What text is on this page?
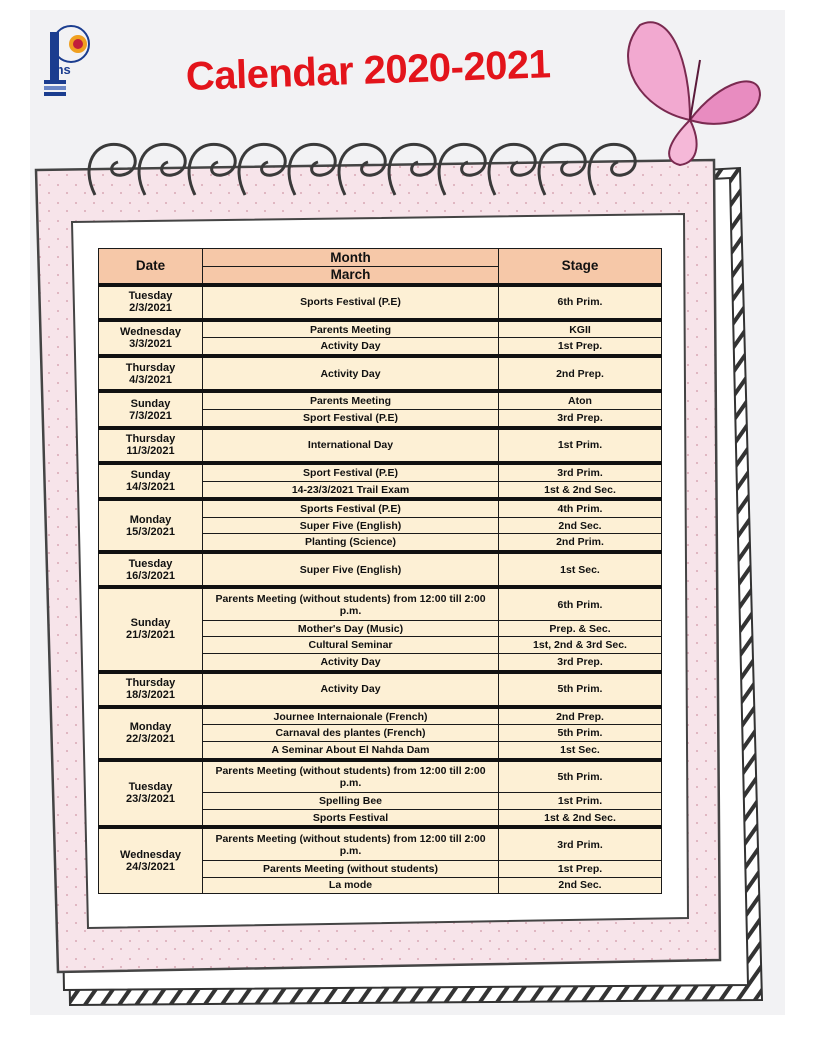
ms	Calendar 2020-2021
Date	Month	Stage
	March	

Tuesday
2/3/2021	Sports Festival (P.E)	6th Prim.

Wednesday
3/3/2021	Parents Meeting	KGII
	Activity Day	1st Prep.

Thursday
4/3/2021	Activity Day	2nd Prep.

Sunday
7/3/2021	Parents Meeting	Aton
	Sport Festival (P.E)	3rd Prep.

Thursday
11/3/2021	International Day	1st Prim.

Sunday
14/3/2021	Sport Festival (P.E)	3rd Prim.
	14-23/3/2021 Trail Exam	1st & 2nd Sec.

Monday
15/3/2021	Sports Festival (P.E)	4th Prim.
	Super Five (English)	2nd Sec.
	Planting (Science)	2nd Prim.

Tuesday
16/3/2021	Super Five (English)	1st Sec.

Sunday
21/3/2021	Parents Meeting (without students) from 12:00 till 2:00 p.m.	6th Prim.
	Mother's Day (Music)	Prep. & Sec.
	Cultural Seminar	1st, 2nd & 3rd Sec.
	Activity Day	3rd Prep.

Thursday
18/3/2021	Activity Day	5th Prim.

Monday
22/3/2021	Journee Internaionale (French)	2nd Prep.
	Carnaval des plantes (French)	5th Prim.
	A Seminar About El Nahda Dam	1st Sec.

Tuesday
23/3/2021	Parents Meeting (without students) from 12:00 till 2:00 p.m.	5th Prim.
	Spelling Bee	1st Prim.
	Sports Festival	1st & 2nd Sec.

Wednesday
24/3/2021	Parents Meeting (without students) from 12:00 till 2:00 p.m.	3rd Prim.
	Parents Meeting (without students)	1st Prep.
	La mode	2nd Sec.
